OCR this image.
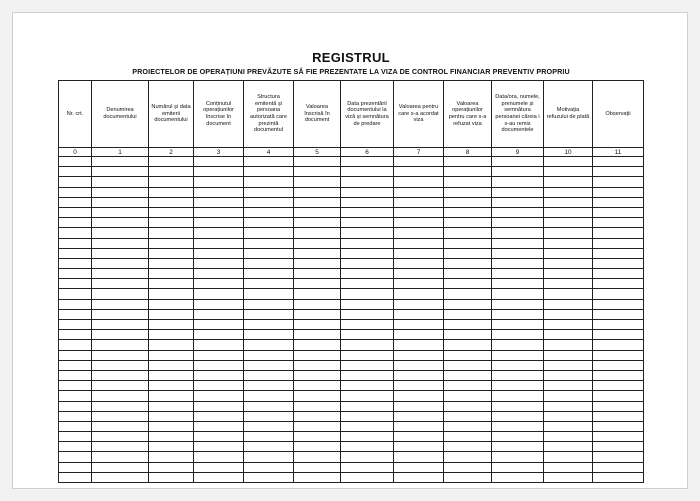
REGISTRUL
PROIECTELOR DE OPERAȚIUNI PREVĂZUTE SĂ FIE PREZENTATE LA VIZA DE CONTROL FINANCIAR PREVENTIV PROPRIU
Nr. crt.	Denumirea documentului	Numărul și data emiterii documentului	Conținutul operațiunilor înscrise în document	Structura emitentă și persoana autorizată care prezintă documentul	Valoarea înscrisă în document	Data prezentării documentului la viză și semnătura de predare	Valoarea pentru care s-a acordat viza	Valoarea operațiunilor pentru care s-a refuzat viza	Data/ora, numele, prenumele și semnătura persoanei căreia i s-au remis documentele	Motivația refuzului de plată	Observații
0	1	2	3	4	5	6	7	8	9	10	11
